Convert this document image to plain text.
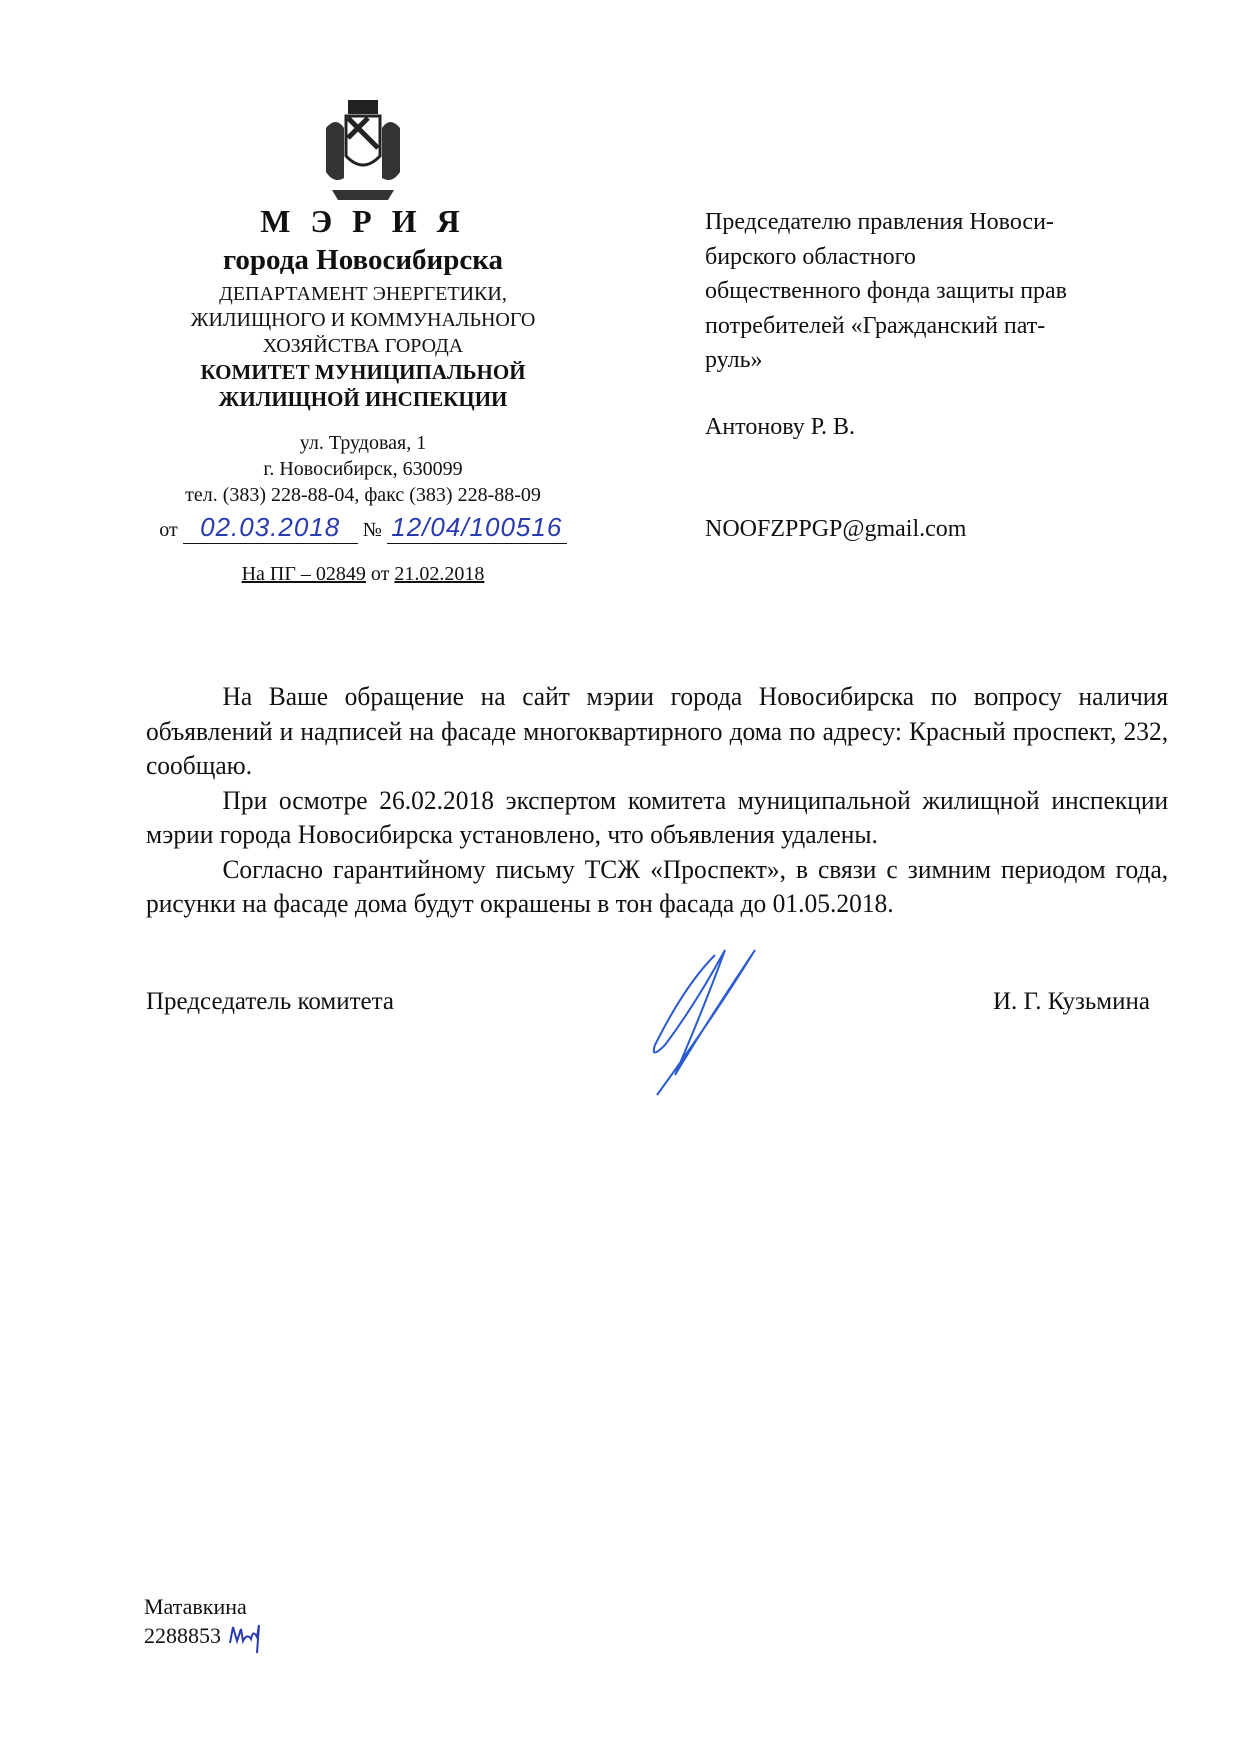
М Э Р И Я
города Новосибирска
ДЕПАРТАМЕНТ ЭНЕРГЕТИКИ,
ЖИЛИЩНОГО И КОММУНАЛЬНОГО
ХОЗЯЙСТВА ГОРОДА
КОМИТЕТ МУНИЦИПАЛЬНОЙ
ЖИЛИЩНОЙ ИНСПЕКЦИИ
ул. Трудовая, 1
г. Новосибирск, 630099
тел. (383) 228-88-04, факс (383) 228-88-09
от 02.03.2018 № 12/04/100516
На ПГ – 02849 от 21.02.2018
Председателю правления Новоси-
бирского областного
общественного фонда защиты прав
потребителей «Гражданский пат-
руль»
Антонову Р. В.
NOOFZPPGP@gmail.com

На Ваше обращение на сайт мэрии города Новосибирска по вопросу наличия объявлений и надписей на фасаде многоквартирного дома по адресу: Красный проспект, 232, сообщаю.

При осмотре 26.02.2018 экспертом комитета муниципальной жилищной инспекции мэрии города Новосибирска установлено, что объявления удалены.

Согласно гарантийному письму ТСЖ «Проспект», в связи с зимним периодом года, рисунки на фасаде дома будут окрашены в тон фасада до 01.05.2018.

Председатель комитета	И. Г. Кузьмина
Матавкина
2288853
